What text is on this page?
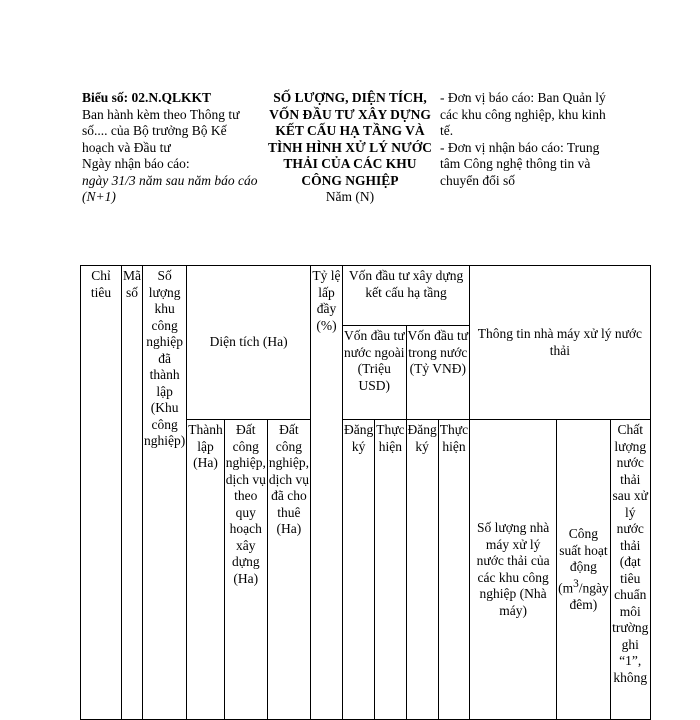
Biểu số: 02.N.QLKKT
Ban hành kèm theo Thông tư số.... của Bộ trưởng Bộ Kế hoạch và Đầu tư
Ngày nhận báo cáo:
ngày 31/3 năm sau năm báo cáo (N+1)
SỐ LƯỢNG, DIỆN TÍCH, VỐN ĐẦU TƯ XÂY DỰNG KẾT CẤU HẠ TẦNG VÀ TÌNH HÌNH XỬ LÝ NƯỚC THẢI CỦA CÁC KHU CÔNG NGHIỆP
Năm (N)
- Đơn vị báo cáo: Ban Quản lý các khu công nghiệp, khu kinh tế.
- Đơn vị nhận báo cáo: Trung tâm Công nghệ thông tin và chuyển đổi số
Chỉ tiêu	Mã số	Số lượng khu công nghiệp đã thành lập (Khu công nghiệp)	Diện tích (Ha)			Tỷ lệ lấp đầy (%)	Vốn đầu tư xây dựng kết cấu hạ tầng				Thông tin nhà máy xử lý nước thải		
							Vốn đầu tư nước ngoài (Triệu USD)		Vốn đầu tư trong nước (Tỷ VNĐ)				
			Thành lập (Ha)	Đất công nghiệp, dịch vụ theo quy hoạch xây dựng (Ha)	Đất công nghiệp, dịch vụ đã cho thuê (Ha)		Đăng ký	Thực hiện	Đăng ký	Thực hiện	Số lượng nhà máy xử lý nước thải của các khu công nghiệp (Nhà máy)	Công suất hoạt động ($m^3$/ngày đêm)	Chất lượng nước thải sau xử lý nước thải (đạt tiêu chuẩn môi trường ghi “1”, không
